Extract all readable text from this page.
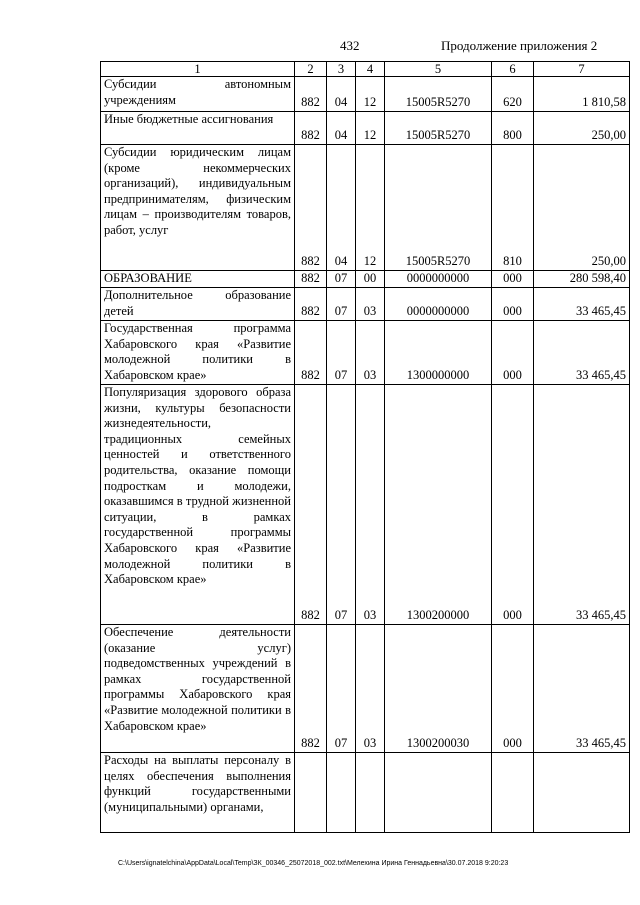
432	Продолжение приложения 2
1	2	3	4	5	6	7
Субсидии автономным учреждениям	882	04	12	15005R5270	620	1 810,58
Иные бюджетные ассигнования	882	04	12	15005R5270	800	250,00
Субсидии юридическим лицам (кроме некоммерческих организаций), индивидуальным предпринимателям, физическим лицам – производителям товаров, работ, услуг	882	04	12	15005R5270	810	250,00
ОБРАЗОВАНИЕ	882	07	00	0000000000	000	280 598,40
Дополнительное образование детей	882	07	03	0000000000	000	33 465,45
Государственная программа Хабаровского края «Развитие молодежной политики в Хабаровском крае»	882	07	03	1300000000	000	33 465,45
Популяризация здорового образа жизни, культуры безопасности жизнедеятельности, традиционных семейных ценностей и ответственного родительства, оказание помощи подросткам и молодежи, оказавшимся в трудной жизненной ситуации, в рамках государственной программы Хабаровского края «Развитие молодежной политики в Хабаровском крае»	882	07	03	1300200000	000	33 465,45
Обеспечение деятельности (оказание услуг) подведомственных учреждений в рамках государственной программы Хабаровского края «Развитие молодежной политики в Хабаровском крае»	882	07	03	1300200030	000	33 465,45
Расходы на выплаты персоналу в целях обеспечения выполнения функций государственными (муниципальными) органами,						
C:\Users\ignatelchina\AppData\Local\Temp\ЗК_00346_25072018_002.txt\Мелехина Ирина Геннадьевна\30.07.2018 9:20:23
